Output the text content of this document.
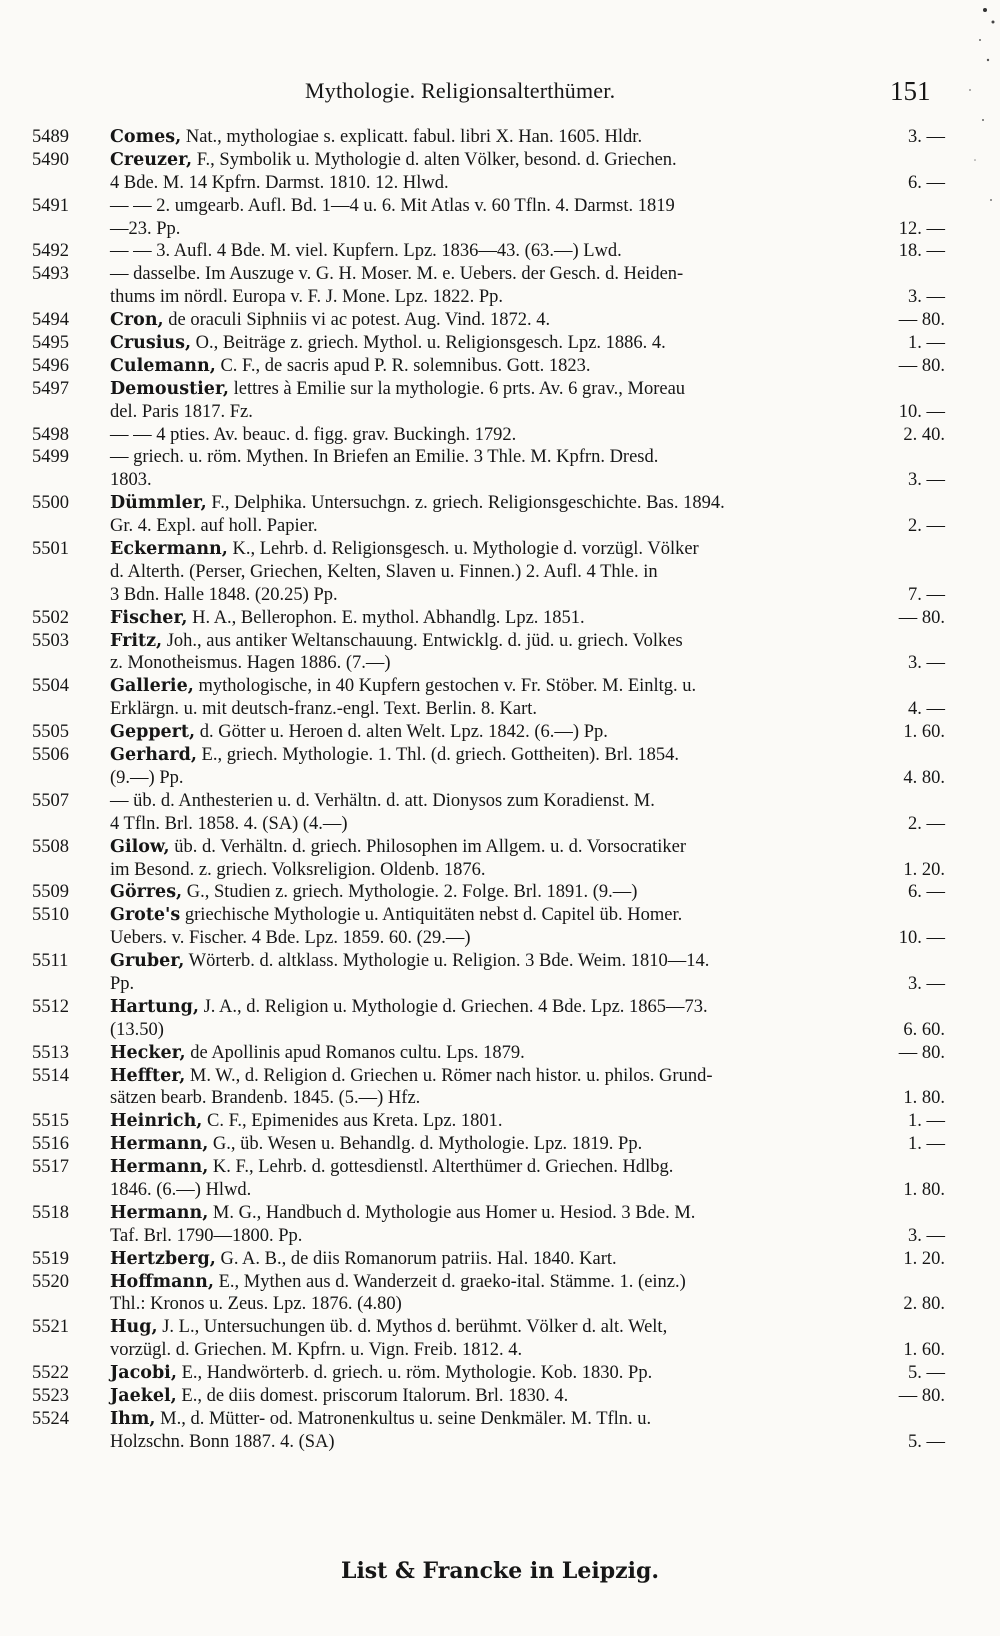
Mythologie. Religionsalterthümer.	151
5489	Comes, Nat., mythologiae s. explicatt. fabul. libri X. Han. 1605. Hldr.	3. —
5490	Creuzer, F., Symbolik u. Mythologie d. alten Völker, besond. d. Griechen.
4 Bde. M. 14 Kpfrn. Darmst. 1810. 12. Hlwd.	6. —
5491	— — 2. umgearb. Aufl. Bd. 1—4 u. 6. Mit Atlas v. 60 Tfln. 4. Darmst. 1819
—23. Pp.	12. —
5492	— — 3. Aufl. 4 Bde. M. viel. Kupfern. Lpz. 1836—43. (63.—) Lwd.	18. —
5493	— dasselbe. Im Auszuge v. G. H. Moser. M. e. Uebers. der Gesch. d. Heiden-
thums im nördl. Europa v. F. J. Mone. Lpz. 1822. Pp.	3. —
5494	Cron, de oraculi Siphniis vi ac potest. Aug. Vind. 1872. 4.	— 80.
5495	Crusius, O., Beiträge z. griech. Mythol. u. Religionsgesch. Lpz. 1886. 4.	1. —
5496	Culemann, C. F., de sacris apud P. R. solemnibus. Gott. 1823.	— 80.
5497	Demoustier, lettres à Emilie sur la mythologie. 6 prts. Av. 6 grav., Moreau
del. Paris 1817. Fz.	10. —
5498	— — 4 pties. Av. beauc. d. figg. grav. Buckingh. 1792.	2. 40.
5499	— griech. u. röm. Mythen. In Briefen an Emilie. 3 Thle. M. Kpfrn. Dresd.
1803.	3. —
5500	Dümmler, F., Delphika. Untersuchgn. z. griech. Religionsgeschichte. Bas. 1894.
Gr. 4. Expl. auf holl. Papier.	2. —
5501	Eckermann, K., Lehrb. d. Religionsgesch. u. Mythologie d. vorzügl. Völker
d. Alterth. (Perser, Griechen, Kelten, Slaven u. Finnen.) 2. Aufl. 4 Thle. in
3 Bdn. Halle 1848. (20.25) Pp.	7. —
5502	Fischer, H. A., Bellerophon. E. mythol. Abhandlg. Lpz. 1851.	— 80.
5503	Fritz, Joh., aus antiker Weltanschauung. Entwicklg. d. jüd. u. griech. Volkes
z. Monotheismus. Hagen 1886. (7.—)	3. —
5504	Gallerie, mythologische, in 40 Kupfern gestochen v. Fr. Stöber. M. Einltg. u.
Erklärgn. u. mit deutsch-franz.-engl. Text. Berlin. 8. Kart.	4. —
5505	Geppert, d. Götter u. Heroen d. alten Welt. Lpz. 1842. (6.—) Pp.	1. 60.
5506	Gerhard, E., griech. Mythologie. 1. Thl. (d. griech. Gottheiten). Brl. 1854.
(9.—) Pp.	4. 80.
5507	— üb. d. Anthesterien u. d. Verhältn. d. att. Dionysos zum Koradienst. M.
4 Tfln. Brl. 1858. 4. (SA) (4.—)	2. —
5508	Gilow, üb. d. Verhältn. d. griech. Philosophen im Allgem. u. d. Vorsocratiker
im Besond. z. griech. Volksreligion. Oldenb. 1876.	1. 20.
5509	Görres, G., Studien z. griech. Mythologie. 2. Folge. Brl. 1891. (9.—)	6. —
5510	Grote's griechische Mythologie u. Antiquitäten nebst d. Capitel üb. Homer.
Uebers. v. Fischer. 4 Bde. Lpz. 1859. 60. (29.—)	10. —
5511	Gruber, Wörterb. d. altklass. Mythologie u. Religion. 3 Bde. Weim. 1810—14.
Pp.	3. —
5512	Hartung, J. A., d. Religion u. Mythologie d. Griechen. 4 Bde. Lpz. 1865—73.
(13.50)	6. 60.
5513	Hecker, de Apollinis apud Romanos cultu. Lps. 1879.	— 80.
5514	Heffter, M. W., d. Religion d. Griechen u. Römer nach histor. u. philos. Grund-
sätzen bearb. Brandenb. 1845. (5.—) Hfz.	1. 80.
5515	Heinrich, C. F., Epimenides aus Kreta. Lpz. 1801.	1. —
5516	Hermann, G., üb. Wesen u. Behandlg. d. Mythologie. Lpz. 1819. Pp.	1. —
5517	Hermann, K. F., Lehrb. d. gottesdienstl. Alterthümer d. Griechen. Hdlbg.
1846. (6.—) Hlwd.	1. 80.
5518	Hermann, M. G., Handbuch d. Mythologie aus Homer u. Hesiod. 3 Bde. M.
Taf. Brl. 1790—1800. Pp.	3. —
5519	Hertzberg, G. A. B., de diis Romanorum patriis. Hal. 1840. Kart.	1. 20.
5520	Hoffmann, E., Mythen aus d. Wanderzeit d. graeko-ital. Stämme. 1. (einz.)
Thl.: Kronos u. Zeus. Lpz. 1876. (4.80)	2. 80.
5521	Hug, J. L., Untersuchungen üb. d. Mythos d. berühmt. Völker d. alt. Welt,
vorzügl. d. Griechen. M. Kpfrn. u. Vign. Freib. 1812. 4.	1. 60.
5522	Jacobi, E., Handwörterb. d. griech. u. röm. Mythologie. Kob. 1830. Pp.	5. —
5523	Jaekel, E., de diis domest. priscorum Italorum. Brl. 1830. 4.	— 80.
5524	Ihm, M., d. Mütter- od. Matronenkultus u. seine Denkmäler. M. Tfln. u.
Holzschn. Bonn 1887. 4. (SA)	5. —
List & Francke in Leipzig.
